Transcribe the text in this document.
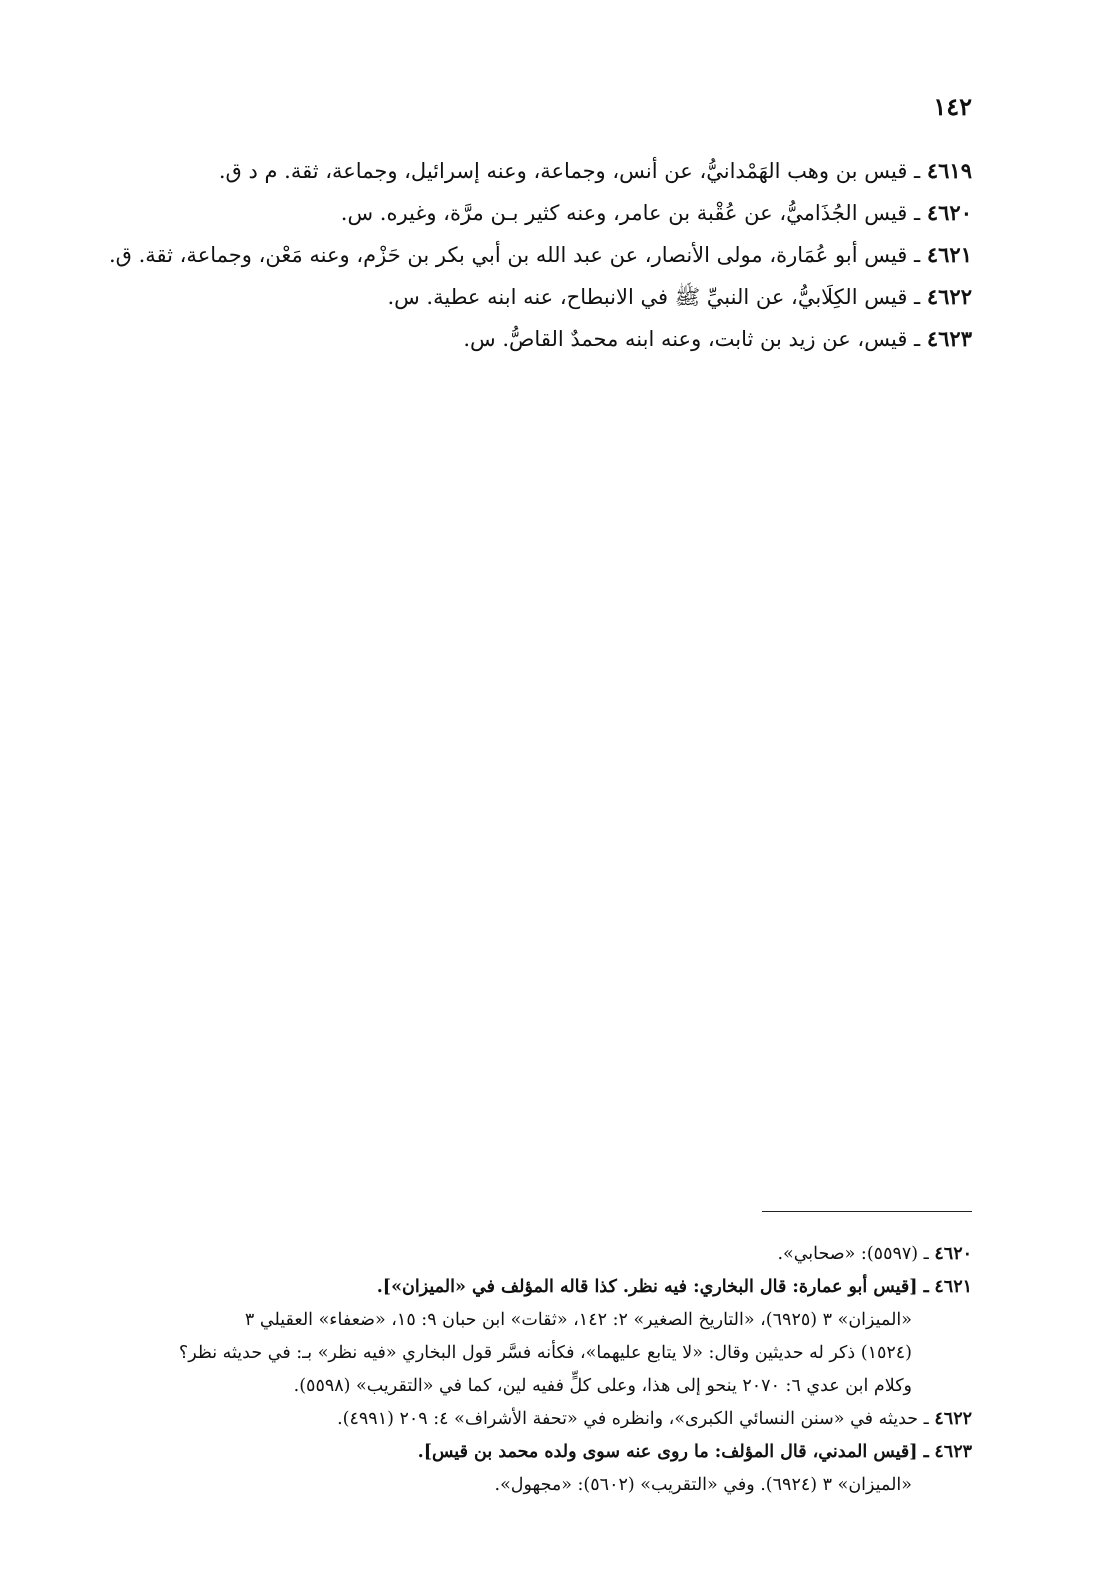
١٤٢
٤٦١٩ ـ قيس بن وهب الهَمْدانيُّ، عن أنس، وجماعة، وعنه إسرائيل، وجماعة، ثقة. م د ق.
٤٦٢٠ ـ قيس الجُذَاميُّ، عن عُقْبة بن عامر، وعنه كثير بـن مرَّة، وغيره. س.
٤٦٢١ ـ قيس أبو عُمَارة، مولى الأنصار، عن عبد الله بن أبي بكر بن حَزْم، وعنه مَعْن، وجماعة، ثقة. ق.
٤٦٢٢ ـ قيس الكِلَابيُّ، عن النبيِّ ﷺ في الانبطاح، عنه ابنه عطية. س.
٤٦٢٣ ـ قيس، عن زيد بن ثابت، وعنه ابنه محمدٌ القاصُّ. س.
٤٦٢٠ ـ (٥٥٩٧): «صحابي».
٤٦٢١ ـ [قيس أبو عمارة: قال البخاري: فيه نظر. كذا قاله المؤلف في «الميزان»].
«الميزان» ٣ (٦٩٢٥)، «التاريخ الصغير» ٢: ١٤٢، «ثقات» ابن حبان ٩: ١٥، «ضعفاء» العقيلي ٣
(١٥٢٤) ذكر له حديثين وقال: «لا يتابع عليهما»، فكأنه فسَّر قول البخاري «فيه نظر» بـ: في حديثه نظر؟
وكلام ابن عدي ٦: ٢٠٧٠ ينحو إلى هذا، وعلى كلٍّ ففيه لين، كما في «التقريب» (٥٥٩٨).
٤٦٢٢ ـ حديثه في «سنن النسائي الكبرى»، وانظره في «تحفة الأشراف» ٤: ٢٠٩ (٤٩٩١).
٤٦٢٣ ـ [قيس المدني، قال المؤلف: ما روى عنه سوى ولده محمد بن قيس].
«الميزان» ٣ (٦٩٢٤). وفي «التقريب» (٥٦٠٢): «مجهول».
